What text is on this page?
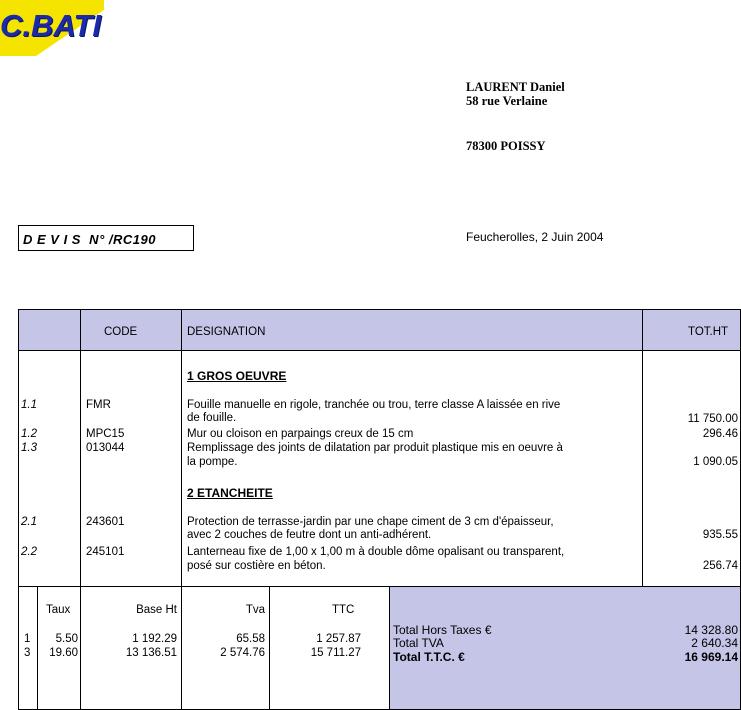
C.BATI
LAURENT Daniel
58 rue Verlaine
78300 POISSY
D E V I S  N° /RC190	Feucherolles, 2 Juin 2004
CODE	DESIGNATION	TOT.HT
1 GROS OEUVRE
1.1	FMR	Fouille manuelle en rigole, tranchée ou trou, terre classe A laissée en rive
de fouille.	11 750.00
1.2	MPC15	Mur ou cloison en parpaings creux de 15 cm	296.46
1.3	013044	Remplissage des joints de dilatation par produit plastique mis en oeuvre à
la pompe.	1 090.05
2 ETANCHEITE
2.1	243601	Protection de terrasse-jardin par une chape ciment de 3 cm d'épaisseur,
avec 2 couches de feutre dont un anti-adhérent.	935.55
2.2	245101	Lanterneau fixe de 1,00 x 1,00 m à double dôme opalisant ou transparent,
posé sur costière en béton.	256.74
Taux	Base Ht	Tva	TTC
1 5.50	1 192.29	65.58	1 257.87
3 19.60	13 136.51	2 574.76	15 711.27
Total Hors Taxes €	14 328.80
Total TVA	2 640.34
Total T.T.C. €	16 969.14
